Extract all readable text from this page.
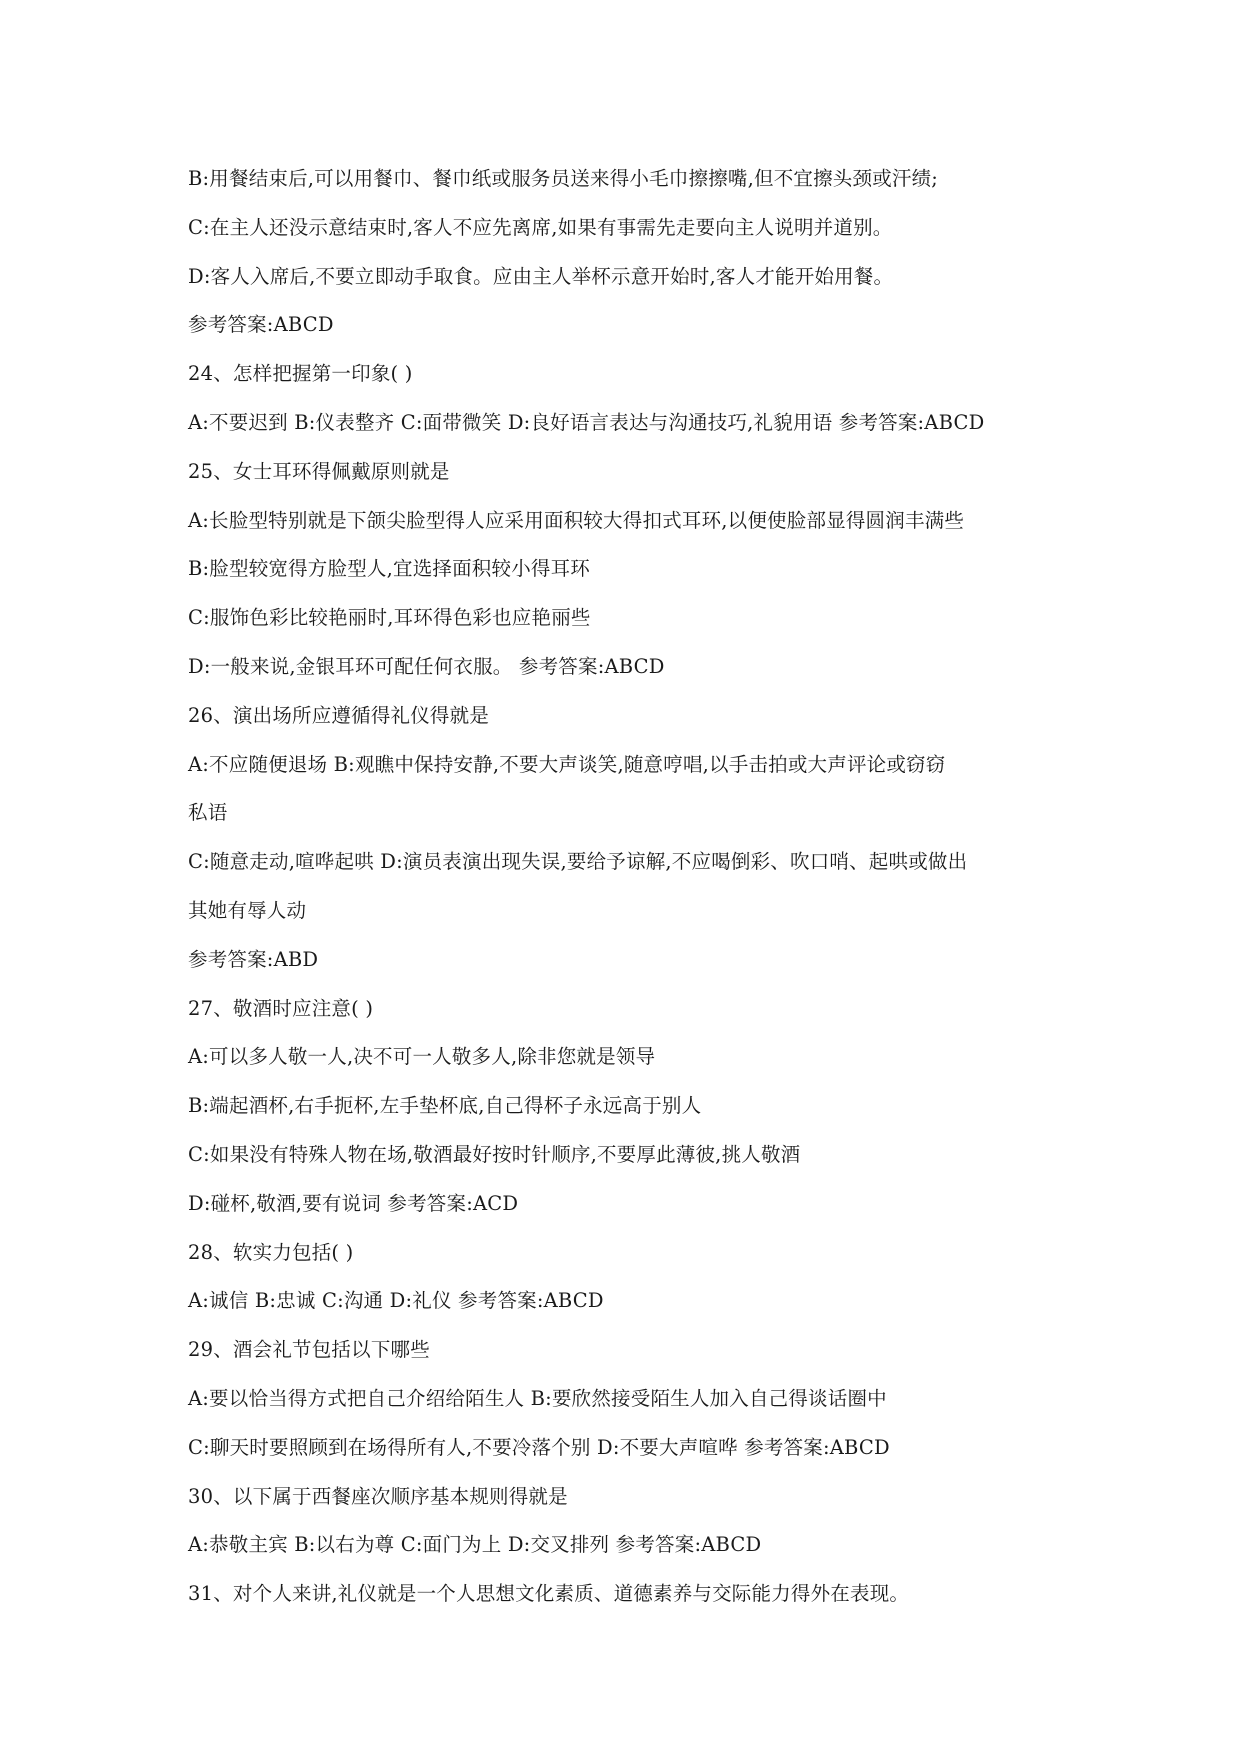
B:用餐结束后,可以用餐巾、餐巾纸或服务员送来得小毛巾擦擦嘴,但不宜擦头颈或汗绩;
C:在主人还没示意结束时,客人不应先离席,如果有事需先走要向主人说明并道别。
D:客人入席后,不要立即动手取食。应由主人举杯示意开始时,客人才能开始用餐。
参考答案:ABCD
24、怎样把握第一印象( )
A:不要迟到 B:仪表整齐 C:面带微笑 D:良好语言表达与沟通技巧,礼貌用语 参考答案:ABCD
25、女士耳环得佩戴原则就是
A:长脸型特别就是下颌尖脸型得人应采用面积较大得扣式耳环,以便使脸部显得圆润丰满些
B:脸型较宽得方脸型人,宜选择面积较小得耳环
C:服饰色彩比较艳丽时,耳环得色彩也应艳丽些
D:一般来说,金银耳环可配任何衣服。 参考答案:ABCD
26、演出场所应遵循得礼仪得就是
A:不应随便退场 B:观瞧中保持安静,不要大声谈笑,随意哼唱,以手击拍或大声评论或窃窃
私语
C:随意走动,喧哗起哄 D:演员表演出现失误,要给予谅解,不应喝倒彩、吹口哨、起哄或做出
其她有辱人动
参考答案:ABD
27、敬酒时应注意( )
A:可以多人敬一人,决不可一人敬多人,除非您就是领导
B:端起酒杯,右手扼杯,左手垫杯底,自己得杯子永远高于别人
C:如果没有特殊人物在场,敬酒最好按时针顺序,不要厚此薄彼,挑人敬酒
D:碰杯,敬酒,要有说词 参考答案:ACD
28、软实力包括( )
A:诚信 B:忠诚 C:沟通 D:礼仪 参考答案:ABCD
29、酒会礼节包括以下哪些
A:要以恰当得方式把自己介绍给陌生人 B:要欣然接受陌生人加入自己得谈话圈中
C:聊天时要照顾到在场得所有人,不要冷落个别 D:不要大声喧哗 参考答案:ABCD
30、以下属于西餐座次顺序基本规则得就是
A:恭敬主宾 B:以右为尊 C:面门为上 D:交叉排列 参考答案:ABCD
31、对个人来讲,礼仪就是一个人思想文化素质、道德素养与交际能力得外在表现。
